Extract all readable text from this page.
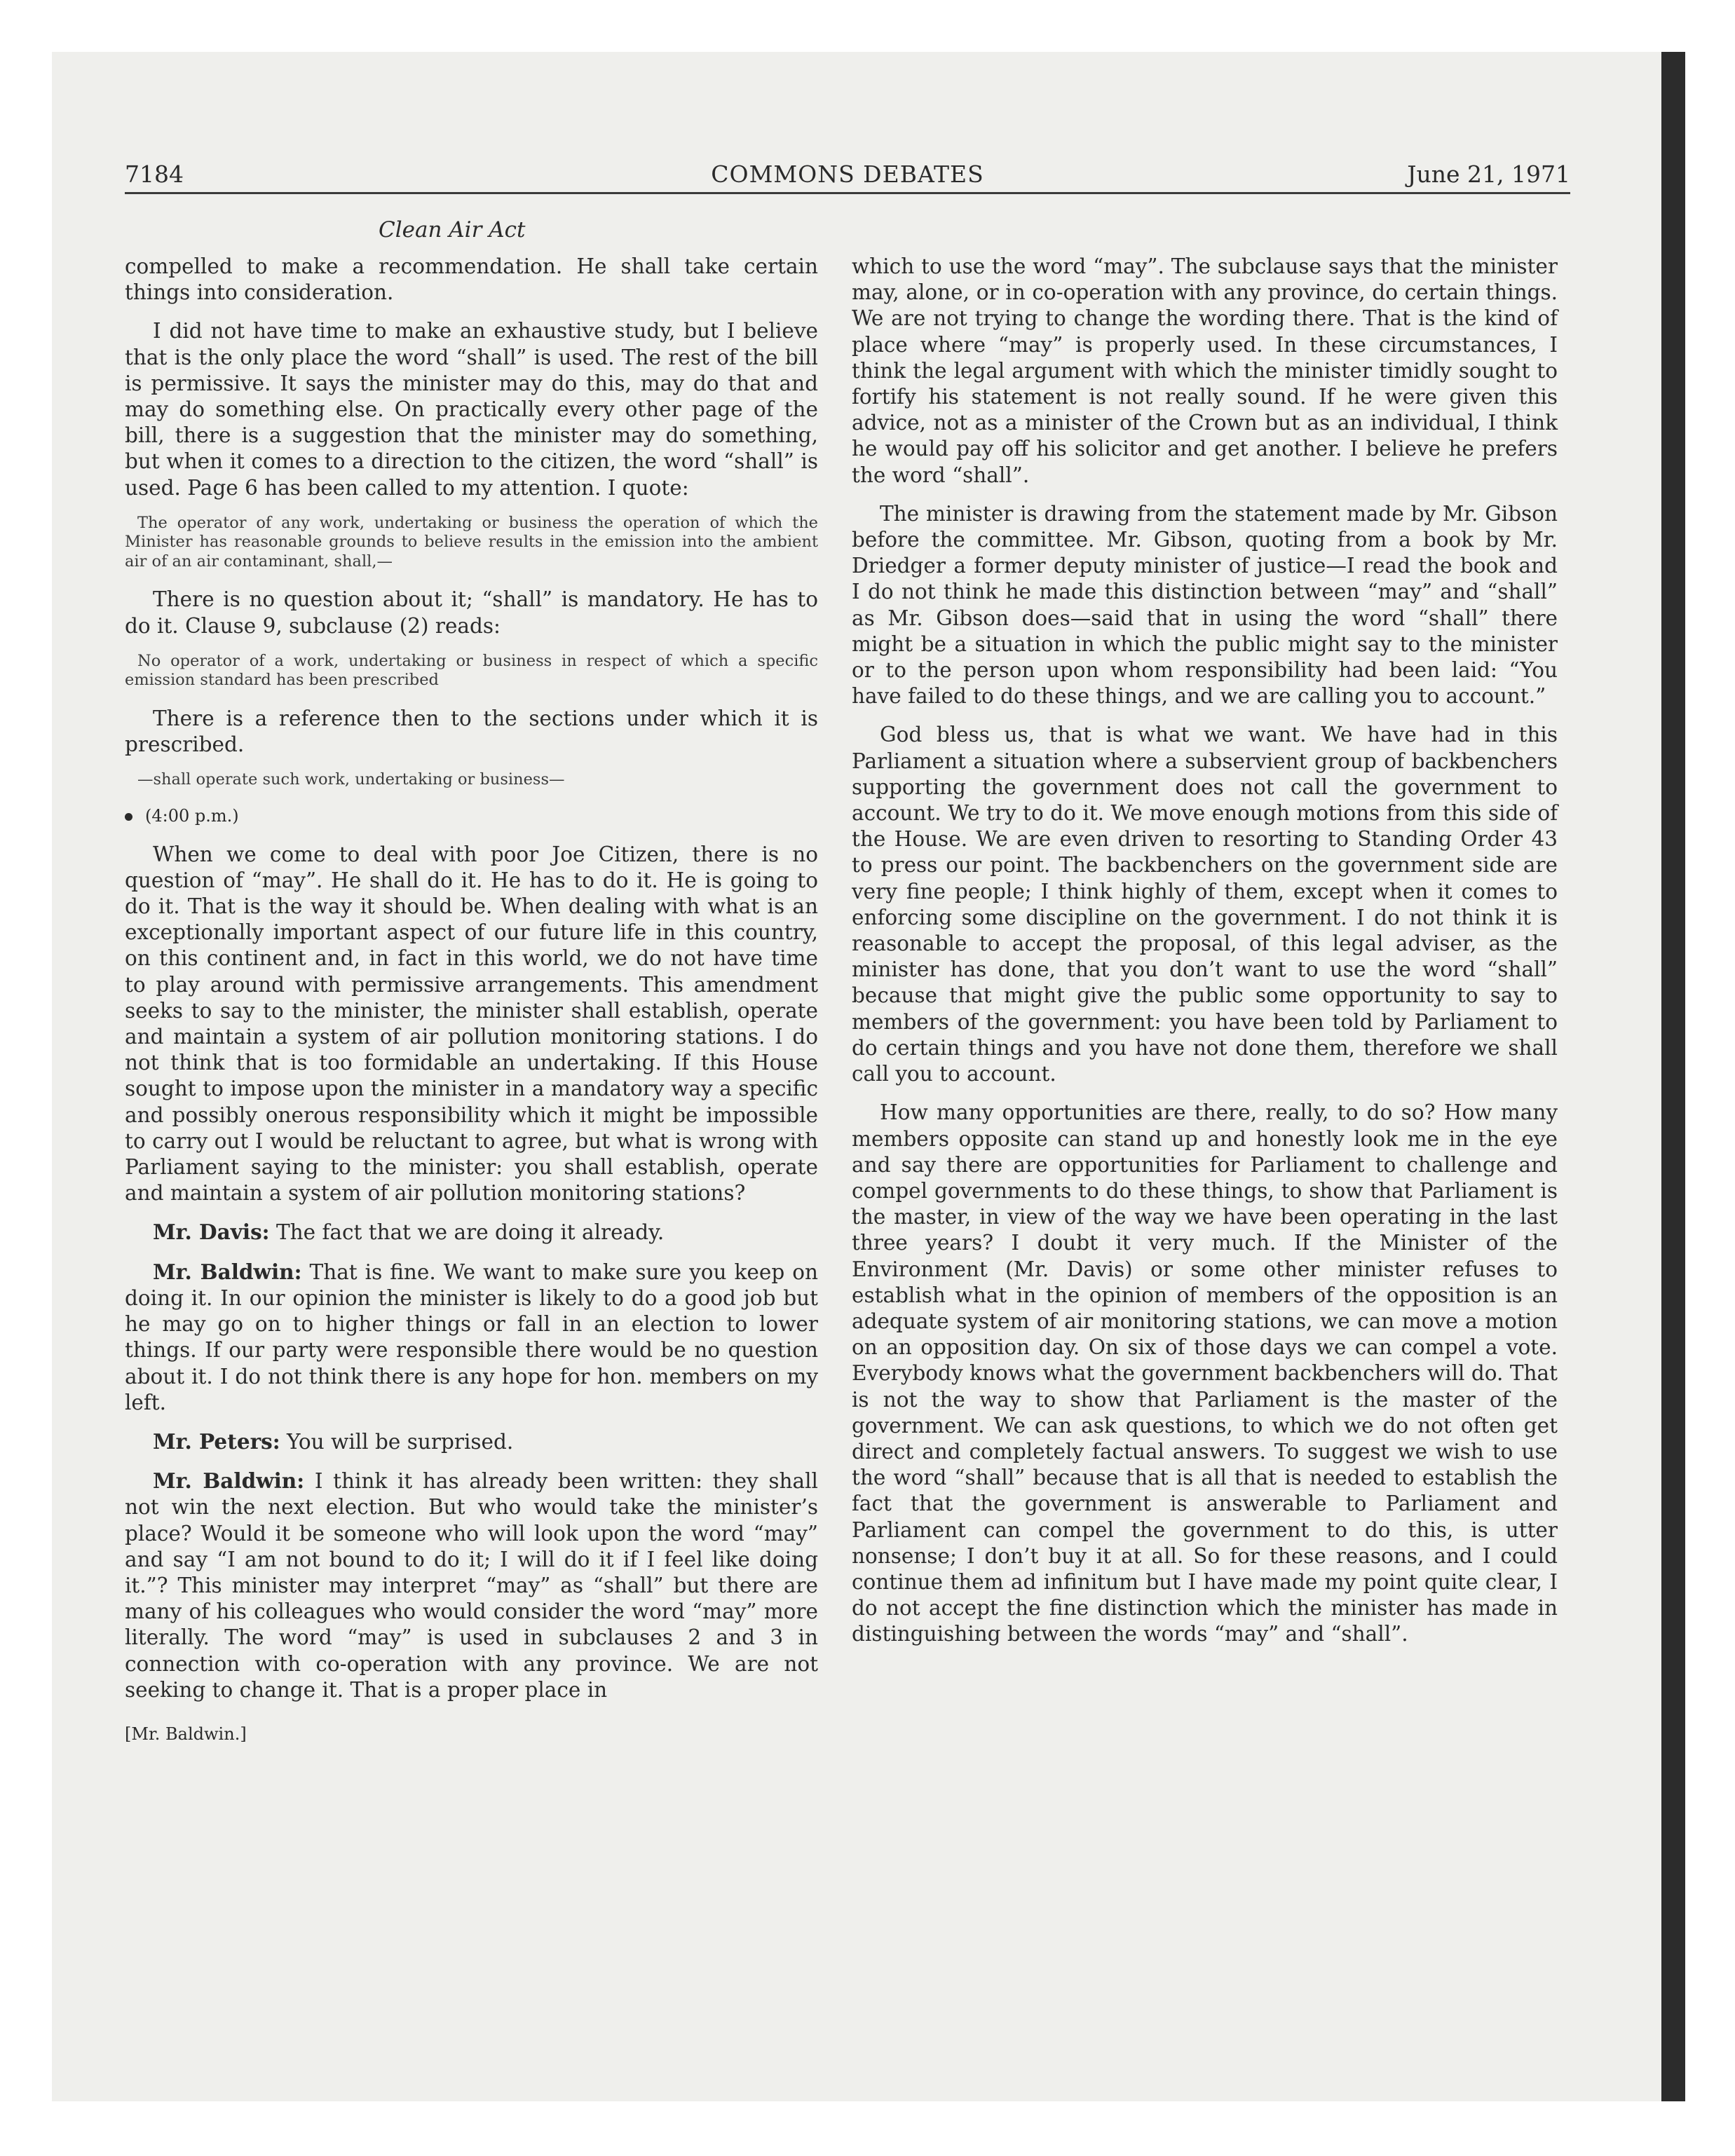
7184	COMMONS DEBATES	June 21, 1971
Clean Air Act

compelled to make a recommendation. He shall take certain things into consideration.

I did not have time to make an exhaustive study, but I believe that is the only place the word “shall” is used. The rest of the bill is permissive. It says the minister may do this, may do that and may do something else. On practically every other page of the bill, there is a suggestion that the minister may do something, but when it comes to a direction to the citizen, the word “shall” is used. Page 6 has been called to my attention. I quote:

The operator of any work, undertaking or business the operation of which the Minister has reasonable grounds to believe results in the emission into the ambient air of an air contaminant, shall,—

There is no question about it; “shall” is mandatory. He has to do it. Clause 9, subclause (2) reads:

No operator of a work, undertaking or business in respect of which a specific emission standard has been prescribed

There is a reference then to the sections under which it is prescribed.

—shall operate such work, undertaking or business—
(4:00 p.m.)

When we come to deal with poor Joe Citizen, there is no question of “may”. He shall do it. He has to do it. He is going to do it. That is the way it should be. When dealing with what is an exceptionally important aspect of our future life in this country, on this continent and, in fact in this world, we do not have time to play around with permissive arrangements. This amendment seeks to say to the minister, the minister shall establish, operate and maintain a system of air pollution monitoring stations. I do not think that is too formidable an undertaking. If this House sought to impose upon the minister in a mandatory way a specific and possibly onerous responsibility which it might be impossible to carry out I would be reluctant to agree, but what is wrong with Parliament saying to the minister: you shall establish, operate and maintain a system of air pollution monitoring stations?

Mr. Davis: The fact that we are doing it already.

Mr. Baldwin: That is fine. We want to make sure you keep on doing it. In our opinion the minister is likely to do a good job but he may go on to higher things or fall in an election to lower things. If our party were responsible there would be no question about it. I do not think there is any hope for hon. members on my left.

Mr. Peters: You will be surprised.

Mr. Baldwin: I think it has already been written: they shall not win the next election. But who would take the minister’s place? Would it be someone who will look upon the word “may” and say “I am not bound to do it; I will do it if I feel like doing it.”? This minister may interpret “may” as “shall” but there are many of his colleagues who would consider the word “may” more literally. The word “may” is used in subclauses 2 and 3 in connection with co-operation with any province. We are not seeking to change it. That is a proper place in

[Mr. Baldwin.]

which to use the word “may”. The subclause says that the minister may, alone, or in co-operation with any province, do certain things. We are not trying to change the wording there. That is the kind of place where “may” is properly used. In these circumstances, I think the legal argument with which the minister timidly sought to fortify his statement is not really sound. If he were given this advice, not as a minister of the Crown but as an individual, I think he would pay off his solicitor and get another. I believe he prefers the word “shall”.

The minister is drawing from the statement made by Mr. Gibson before the committee. Mr. Gibson, quoting from a book by Mr. Driedger a former deputy minister of justice—I read the book and I do not think he made this distinction between “may” and “shall” as Mr. Gibson does—said that in using the word “shall” there might be a situation in which the public might say to the minister or to the person upon whom responsibility had been laid: “You have failed to do these things, and we are calling you to account.”

God bless us, that is what we want. We have had in this Parliament a situation where a subservient group of backbenchers supporting the government does not call the government to account. We try to do it. We move enough motions from this side of the House. We are even driven to resorting to Standing Order 43 to press our point. The backbenchers on the government side are very fine people; I think highly of them, except when it comes to enforcing some discipline on the government. I do not think it is reasonable to accept the proposal, of this legal adviser, as the minister has done, that you don’t want to use the word “shall” because that might give the public some opportunity to say to members of the government: you have been told by Parliament to do certain things and you have not done them, therefore we shall call you to account.

How many opportunities are there, really, to do so? How many members opposite can stand up and honestly look me in the eye and say there are opportunities for Parliament to challenge and compel governments to do these things, to show that Parliament is the master, in view of the way we have been operating in the last three years? I doubt it very much. If the Minister of the Environment (Mr. Davis) or some other minister refuses to establish what in the opinion of members of the opposition is an adequate system of air monitoring stations, we can move a motion on an opposition day. On six of those days we can compel a vote. Everybody knows what the government backbenchers will do. That is not the way to show that Parliament is the master of the government. We can ask questions, to which we do not often get direct and completely factual answers. To suggest we wish to use the word “shall” because that is all that is needed to establish the fact that the government is answerable to Parliament and Parliament can compel the government to do this, is utter nonsense; I don’t buy it at all. So for these reasons, and I could continue them ad infinitum but I have made my point quite clear, I do not accept the fine distinction which the minister has made in distinguishing between the words “may” and “shall”.
